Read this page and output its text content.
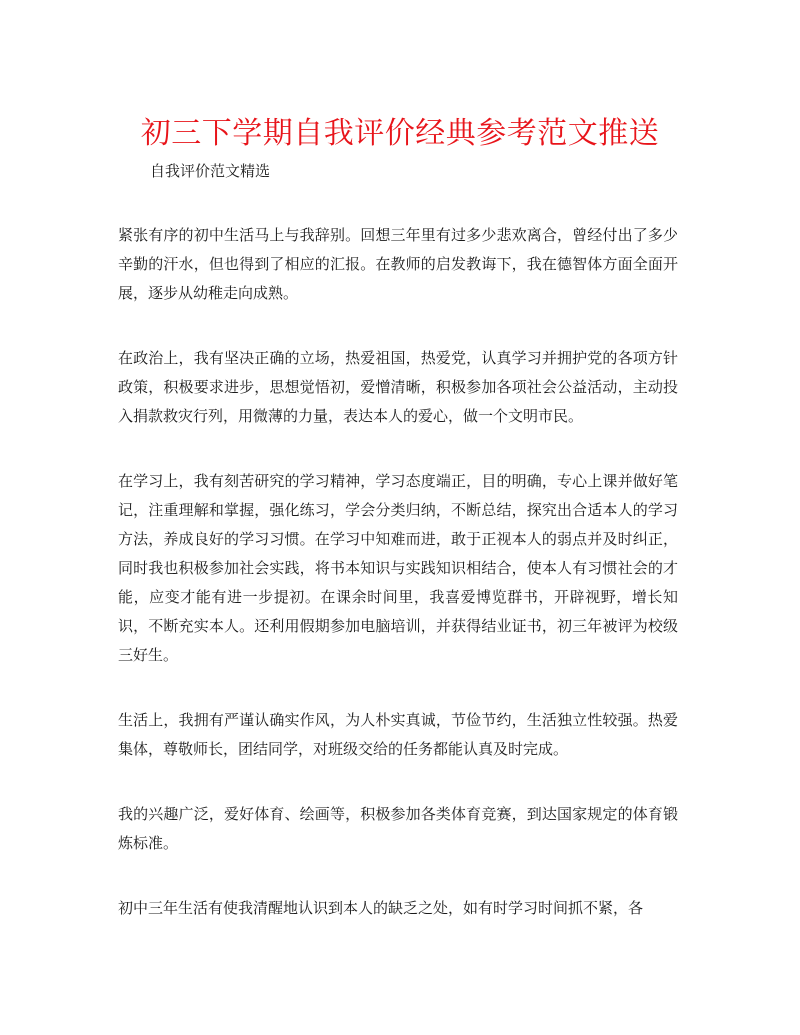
初三下学期自我评价经典参考范文推送

自我评价范文精选

紧张有序的初中生活马上与我辞别。回想三年里有过多少悲欢离合，曾经付出了多少辛勤的汗水，但也得到了相应的汇报。在教师的启发教诲下，我在德智体方面全面开展，逐步从幼稚走向成熟。

在政治上，我有坚决正确的立场，热爱祖国，热爱党，认真学习并拥护党的各项方针政策，积极要求进步，思想觉悟初，爱憎清晰，积极参加各项社会公益活动，主动投入捐款救灾行列，用微薄的力量，表达本人的爱心，做一个文明市民。

在学习上，我有刻苦研究的学习精神，学习态度端正，目的明确，专心上课并做好笔记，注重理解和掌握，强化练习，学会分类归纳，不断总结，探究出合适本人的学习方法，养成良好的学习习惯。在学习中知难而进，敢于正视本人的弱点并及时纠正，同时我也积极参加社会实践，将书本知识与实践知识相结合，使本人有习惯社会的才能，应变才能有进一步提初。在课余时间里，我喜爱博览群书，开辟视野，增长知识，不断充实本人。还利用假期参加电脑培训，并获得结业证书，初三年被评为校级三好生。

生活上，我拥有严谨认确实作风，为人朴实真诚，节俭节约，生活独立性较强。热爱集体，尊敬师长，团结同学，对班级交给的任务都能认真及时完成。

我的兴趣广泛，爱好体育、绘画等，积极参加各类体育竞赛，到达国家规定的体育锻炼标准。

初中三年生活有使我清醒地认识到本人的缺乏之处，如有时学习时间抓不紧，各
